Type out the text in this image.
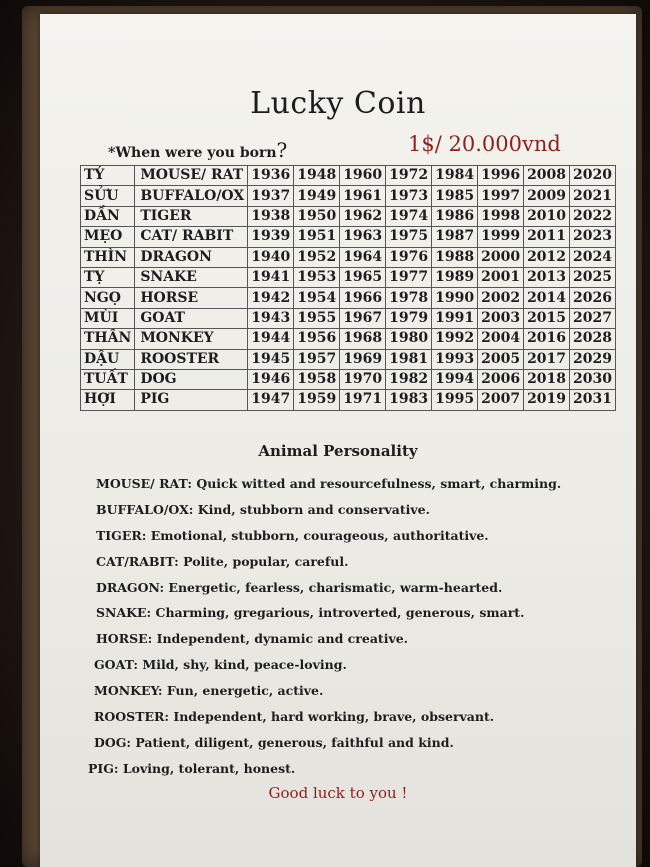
Lucky Coin
*When were you born?	1$/ 20.000vnd
TÝ	MOUSE/ RAT	1936	1948	1960	1972	1984	1996	2008	2020
SỬU	BUFFALO/OX	1937	1949	1961	1973	1985	1997	2009	2021
DẦN	TIGER	1938	1950	1962	1974	1986	1998	2010	2022
MẸO	CAT/ RABIT	1939	1951	1963	1975	1987	1999	2011	2023
THÌN	DRAGON	1940	1952	1964	1976	1988	2000	2012	2024
TỴ	SNAKE	1941	1953	1965	1977	1989	2001	2013	2025
NGỌ	HORSE	1942	1954	1966	1978	1990	2002	2014	2026
MÙI	GOAT	1943	1955	1967	1979	1991	2003	2015	2027
THÂN	MONKEY	1944	1956	1968	1980	1992	2004	2016	2028
DẬU	ROOSTER	1945	1957	1969	1981	1993	2005	2017	2029
TUẤT	DOG	1946	1958	1970	1982	1994	2006	2018	2030
HỢI	PIG	1947	1959	1971	1983	1995	2007	2019	2031
Animal Personality
MOUSE/ RAT: Quick witted and resourcefulness, smart, charming.
BUFFALO/OX: Kind, stubborn and conservative.
TIGER: Emotional, stubborn, courageous, authoritative.
CAT/RABIT: Polite, popular, careful.
DRAGON: Energetic, fearless, charismatic, warm-hearted.
SNAKE: Charming, gregarious, introverted, generous, smart.
HORSE: Independent, dynamic and creative.
GOAT: Mild, shy, kind, peace-loving.
MONKEY: Fun, energetic, active.
ROOSTER: Independent, hard working, brave, observant.
DOG: Patient, diligent, generous, faithful and kind.
PIG: Loving, tolerant, honest.
Good luck to you !
